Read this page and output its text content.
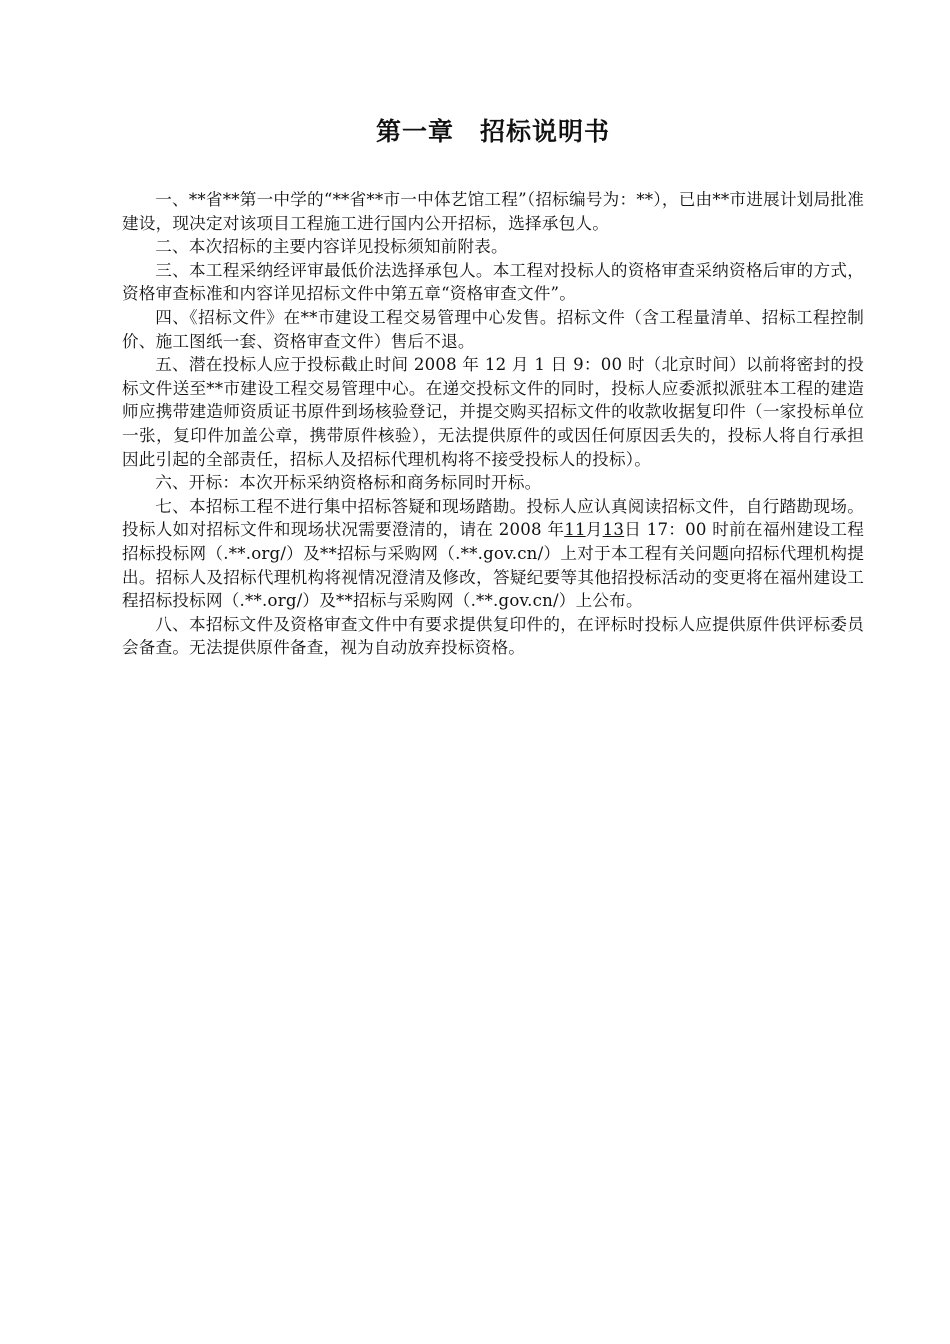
第一章　招标说明书

一、**省**第一中学的“**省**市一中体艺馆工程”（招标编号为：**），已由**市进展计划局批准建设，现决定对该项目工程施工进行国内公开招标，选择承包人。

二、本次招标的主要内容详见投标须知前附表。

三、本工程采纳经评审最低价法选择承包人。本工程对投标人的资格审查采纳资格后审的方式，资格审查标准和内容详见招标文件中第五章“资格审查文件”。

四、《招标文件》在**市建设工程交易管理中心发售。招标文件（含工程量清单、招标工程控制价、施工图纸一套、资格审查文件）售后不退。

五、潜在投标人应于投标截止时间 2008 年 12 月 1 日 9：00 时（北京时间）以前将密封的投标文件送至**市建设工程交易管理中心。在递交投标文件的同时，投标人应委派拟派驻本工程的建造师应携带建造师资质证书原件到场核验登记，并提交购买招标文件的收款收据复印件（一家投标单位一张，复印件加盖公章，携带原件核验），无法提供原件的或因任何原因丢失的，投标人将自行承担因此引起的全部责任，招标人及招标代理机构将不接受投标人的投标）。

六、开标：本次开标采纳资格标和商务标同时开标。

七、本招标工程不进行集中招标答疑和现场踏勘。投标人应认真阅读招标文件，自行踏勘现场。投标人如对招标文件和现场状况需要澄清的，请在 2008 年11月13日 17：00 时前在福州建设工程招标投标网（.**.org/）及**招标与采购网（.**.gov.cn/）上对于本工程有关问题向招标代理机构提出。招标人及招标代理机构将视情况澄清及修改，答疑纪要等其他招投标活动的变更将在福州建设工程招标投标网（.**.org/）及**招标与采购网（.**.gov.cn/）上公布。

八、本招标文件及资格审查文件中有要求提供复印件的，在评标时投标人应提供原件供评标委员会备查。无法提供原件备查，视为自动放弃投标资格。
